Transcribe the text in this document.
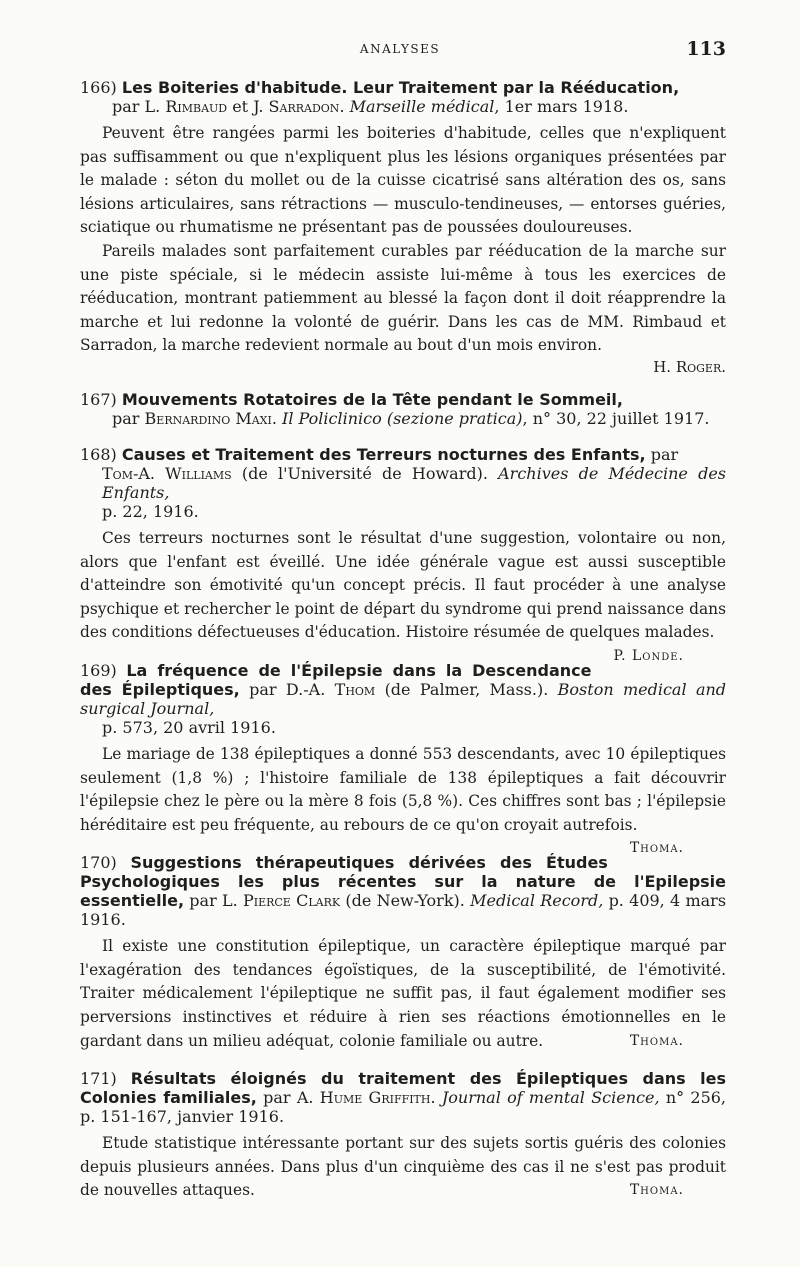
ANALYSES	113
166) Les Boiteries d'habitude. Leur Traitement par la Rééducation,
par L. Rimbaud et J. Sarradon. Marseille médical, 1er mars 1918.

Peuvent être rangées parmi les boiteries d'habitude, celles que n'expliquent pas suffisamment ou que n'expliquent plus les lésions organiques présentées par le malade : séton du mollet ou de la cuisse cicatrisé sans altération des os, sans lésions articulaires, sans rétractions — musculo-tendineuses, — entorses guéries, sciatique ou rhumatisme ne présentant pas de poussées douloureuses.

Pareils malades sont parfaitement curables par rééducation de la marche sur une piste spéciale, si le médecin assiste lui-même à tous les exercices de rééducation, montrant patiemment au blessé la façon dont il doit réapprendre la marche et lui redonne la volonté de guérir. Dans les cas de MM. Rimbaud et Sarradon, la marche redevient normale au bout d'un mois environ.

H. Roger.
167) Mouvements Rotatoires de la Tête pendant le Sommeil,
par Bernardino Maxi. Il Policlinico (sezione pratica), n° 30, 22 juillet 1917.
168) Causes et Traitement des Terreurs nocturnes des Enfants, par
Tom-A. Williams (de l'Université de Howard). Archives de Médecine des Enfants,
p. 22, 1916.

Ces terreurs nocturnes sont le résultat d'une suggestion, volontaire ou non, alors que l'enfant est éveillé. Une idée générale vague est aussi susceptible d'atteindre son émotivité qu'un concept précis. Il faut procéder à une analyse psychique et rechercher le point de départ du syndrome qui prend naissance dans des conditions défectueuses d'éducation. Histoire résumée de quelques malades.
P. Londe.

169) La fréquence de l'Épilepsie dans la Descendance des Épileptiques, par D.-A. Thom (de Palmer, Mass.). Boston medical and surgical Journal,
p. 573, 20 avril 1916.

Le mariage de 138 épileptiques a donné 553 descendants, avec 10 épileptiques seulement (1,8 %) ; l'histoire familiale de 138 épileptiques a fait découvrir l'épilepsie chez le père ou la mère 8 fois (5,8 %). Ces chiffres sont bas ; l'épilepsie héréditaire est peu fréquente, au rebours de ce qu'on croyait autrefois.
Thoma.

170) Suggestions thérapeutiques dérivées des Études Psychologiques les plus récentes sur la nature de l'Epilepsie essentielle, par L. Pierce Clark (de New-York). Medical Record, p. 409, 4 mars 1916.

Il existe une constitution épileptique, un caractère épileptique marqué par l'exagération des tendances égoïstiques, de la susceptibilité, de l'émotivité. Traiter médicalement l'épileptique ne suffit pas, il faut également modifier ses perversions instinctives et réduire à rien ses réactions émotionnelles en le gardant dans un milieu adéquat, colonie familiale ou autre.	Thoma.

171) Résultats éloignés du traitement des Épileptiques dans les Colonies familiales, par A. Hume Griffith. Journal of mental Science, n° 256, p. 151-167, janvier 1916.

Etude statistique intéressante portant sur des sujets sortis guéris des colonies depuis plusieurs années. Dans plus d'un cinquième des cas il ne s'est pas produit de nouvelles attaques.	Thoma.
